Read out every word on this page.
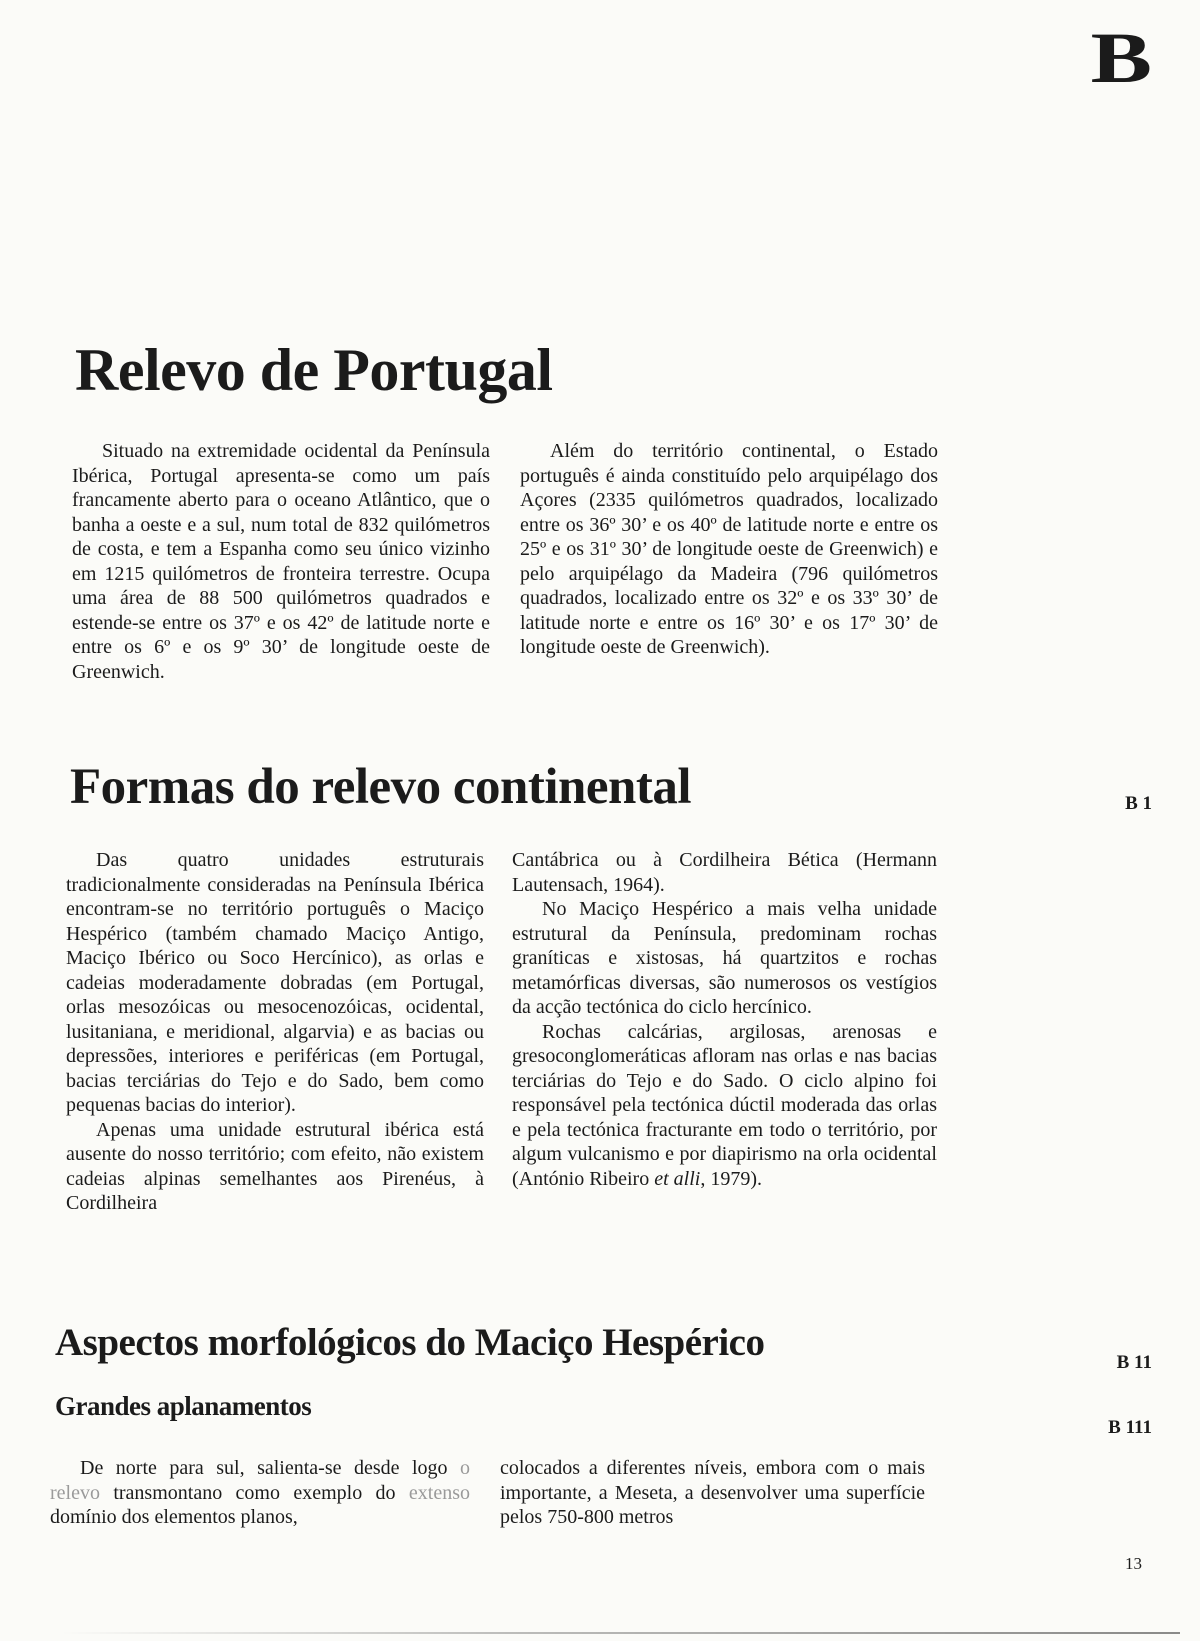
B
Relevo de Portugal

Situado na extremidade ocidental da Península Ibérica, Portugal apresenta-se como um país francamente aberto para o oceano Atlântico, que o banha a oeste e a sul, num total de 832 quilómetros de costa, e tem a Espanha como seu único vizinho em 1215 quilómetros de fronteira terrestre. Ocupa uma área de 88 500 quilómetros quadrados e estende-se entre os 37º e os 42º de latitude norte e entre os 6º e os 9º 30’ de longitude oeste de Greenwich.

Além do território continental, o Estado português é ainda constituído pelo arquipélago dos Açores (2335 quilómetros quadrados, localizado entre os 36º 30’ e os 40º de latitude norte e entre os 25º e os 31º 30’ de longitude oeste de Greenwich) e pelo arquipélago da Madeira (796 quilómetros quadrados, localizado entre os 32º e os 33º 30’ de latitude norte e entre os 16º 30’ e os 17º 30’ de longitude oeste de Greenwich).

Formas do relevo continental	B 1

Das quatro unidades estruturais tradicionalmente consideradas na Península Ibérica encontram-se no território português o Maciço Hespérico (também chamado Maciço Antigo, Maciço Ibérico ou Soco Hercínico), as orlas e cadeias moderadamente dobradas (em Portugal, orlas mesozóicas ou mesocenozóicas, ocidental, lusitaniana, e meridional, algarvia) e as bacias ou depressões, interiores e periféricas (em Portugal, bacias terciárias do Tejo e do Sado, bem como pequenas bacias do interior).

Apenas uma unidade estrutural ibérica está ausente do nosso território; com efeito, não existem cadeias alpinas semelhantes aos Pirenéus, à Cordilheira

Cantábrica ou à Cordilheira Bética (Hermann Lautensach, 1964).

No Maciço Hespérico a mais velha unidade estrutural da Península, predominam rochas graníticas e xistosas, há quartzitos e rochas metamórficas diversas, são numerosos os vestígios da acção tectónica do ciclo hercínico.

Rochas calcárias, argilosas, arenosas e gresoconglomeráticas afloram nas orlas e nas bacias terciárias do Tejo e do Sado. O ciclo alpino foi responsável pela tectónica dúctil moderada das orlas e pela tectónica fracturante em todo o território, por algum vulcanismo e por diapirismo na orla ocidental (António Ribeiro et alli, 1979).

Aspectos morfológicos do Maciço Hespérico	B 11
Grandes aplanamentos
B 111

De norte para sul, salienta-se desde logo o relevo transmontano como exemplo do extenso domínio dos elementos planos,

colocados a diferentes níveis, embora com o mais importante, a Meseta, a desenvolver uma superfície pelos 750-800 metros

13
